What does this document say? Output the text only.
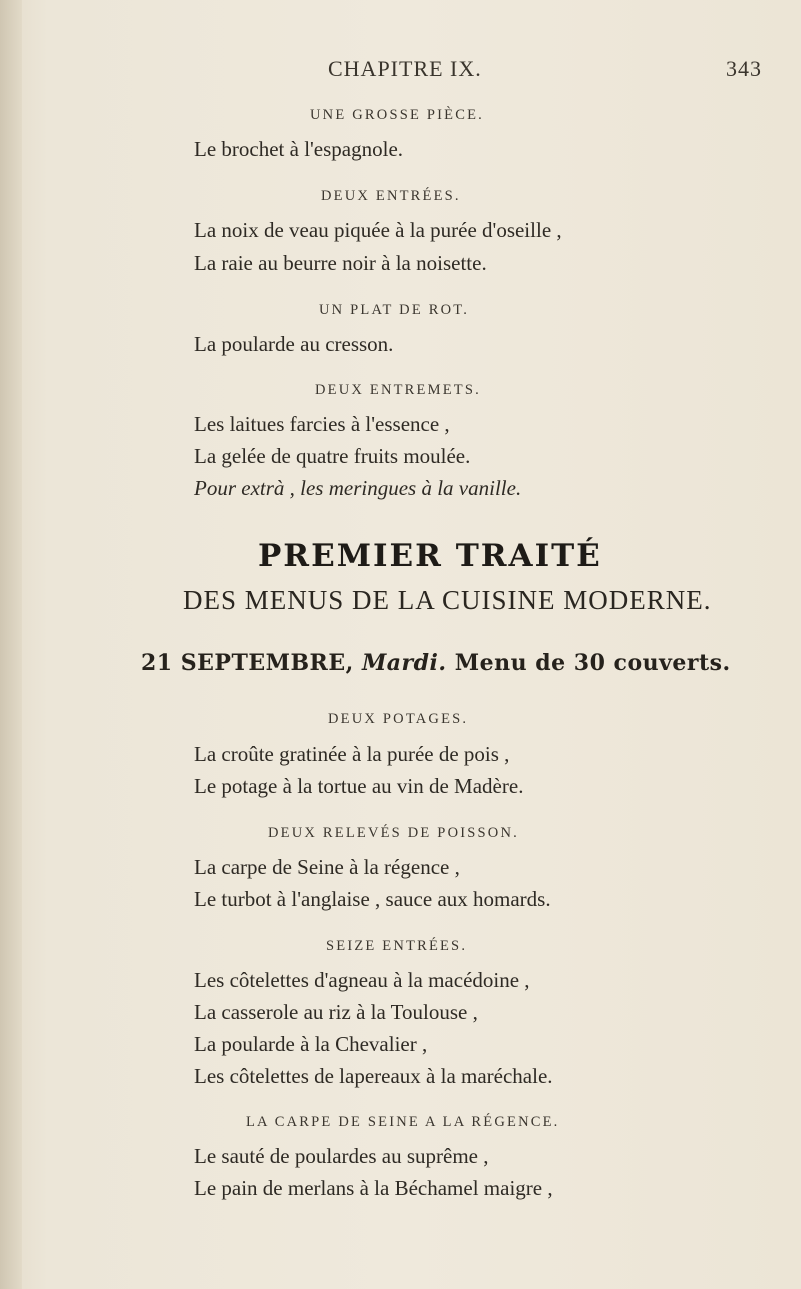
CHAPITRE IX.	343
UNE GROSSE PIÈCE.
Le brochet à l'espagnole.
DEUX ENTRÉES.
La noix de veau piquée à la purée d'oseille ,
La raie au beurre noir à la noisette.
UN PLAT DE ROT.
La poularde au cresson.
DEUX ENTREMETS.
Les laitues farcies à l'essence ,
La gelée de quatre fruits moulée.
Pour extrà , les meringues à la vanille.
PREMIER TRAITÉ
DES MENUS DE LA CUISINE MODERNE.
21 SEPTEMBRE, Mardi. Menu de 30 couverts.
DEUX POTAGES.
La croûte gratinée à la purée de pois ,
Le potage à la tortue au vin de Madère.
DEUX RELEVÉS DE POISSON.
La carpe de Seine à la régence ,
Le turbot à l'anglaise , sauce aux homards.
SEIZE ENTRÉES.
Les côtelettes d'agneau à la macédoine ,
La casserole au riz à la Toulouse ,
La poularde à la Chevalier ,
Les côtelettes de lapereaux à la maréchale.
LA CARPE DE SEINE A LA RÉGENCE.
Le sauté de poulardes au suprême ,
Le pain de merlans à la Béchamel maigre ,
